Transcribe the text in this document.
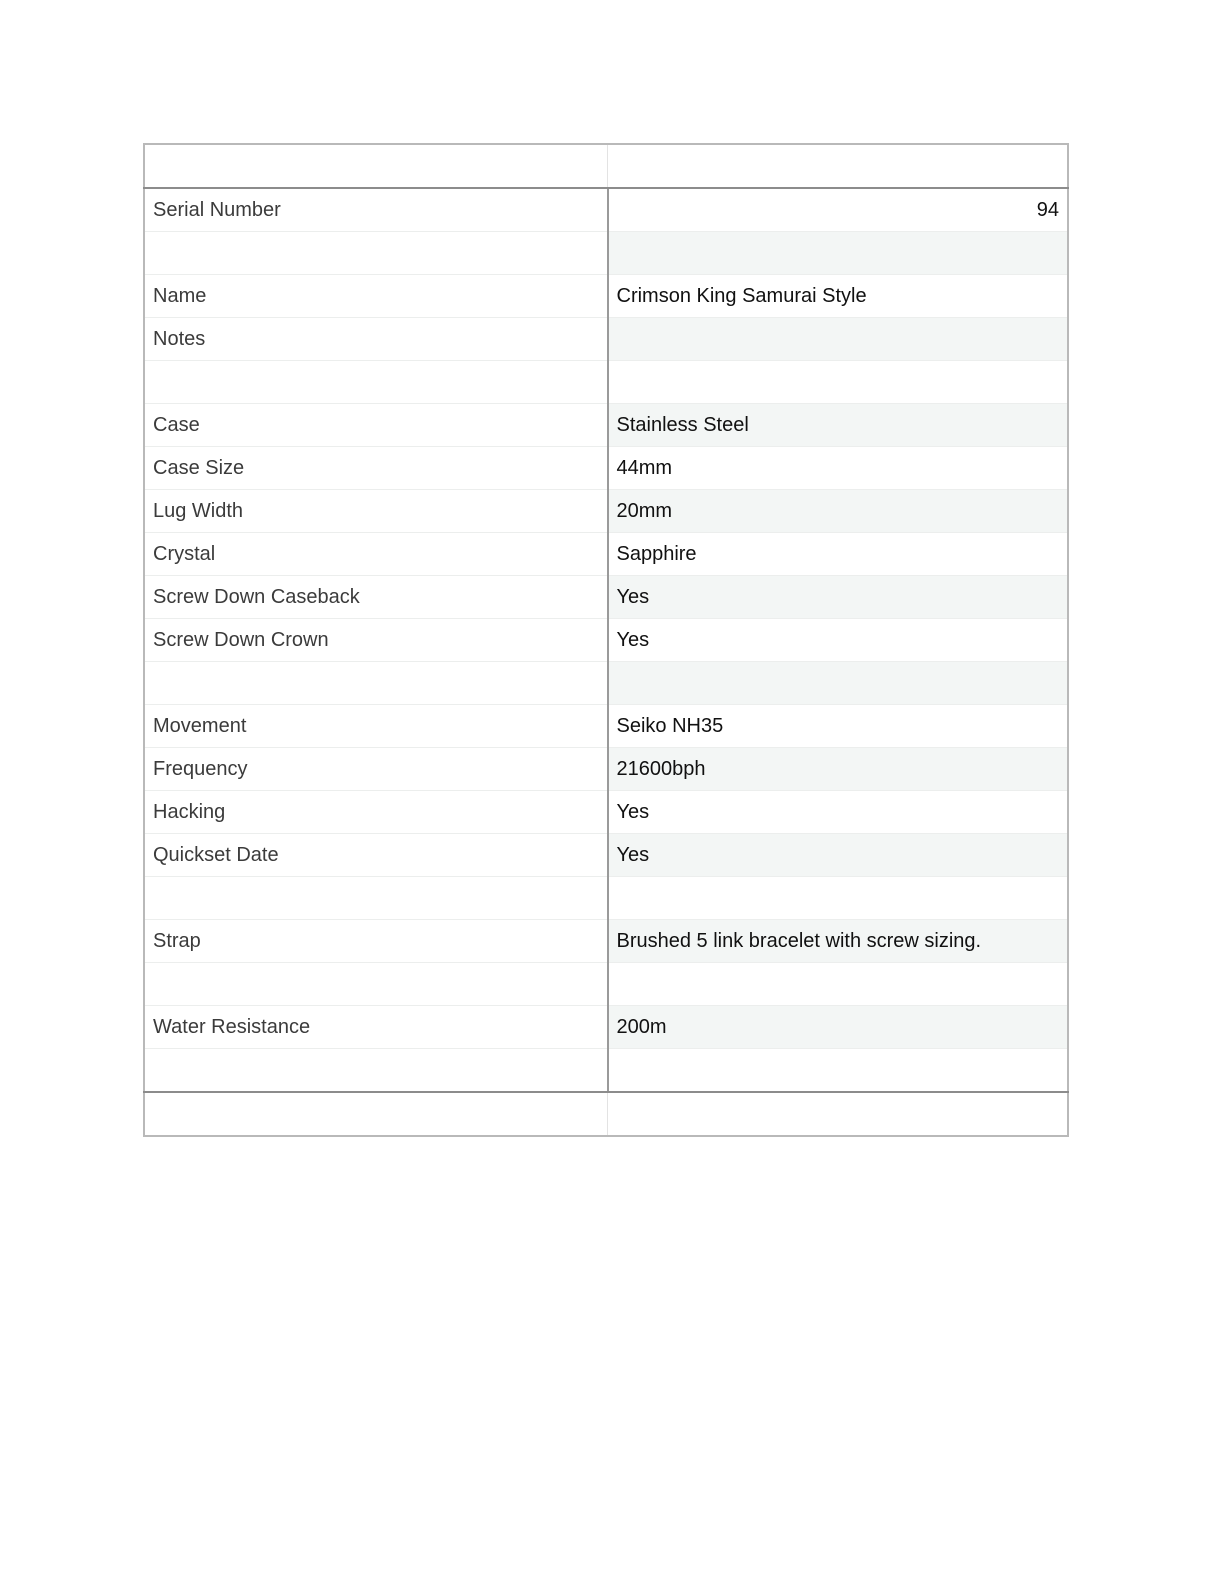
Serial Number	94

Name	Crimson King Samurai Style
Notes	

Case	Stainless Steel
Case Size	44mm
Lug Width	20mm
Crystal	Sapphire
Screw Down Caseback	Yes
Screw Down Crown	Yes

Movement	Seiko NH35
Frequency	21600bph
Hacking	Yes
Quickset Date	Yes

Strap	Brushed 5 link bracelet with screw sizing.

Water Resistance	200m
